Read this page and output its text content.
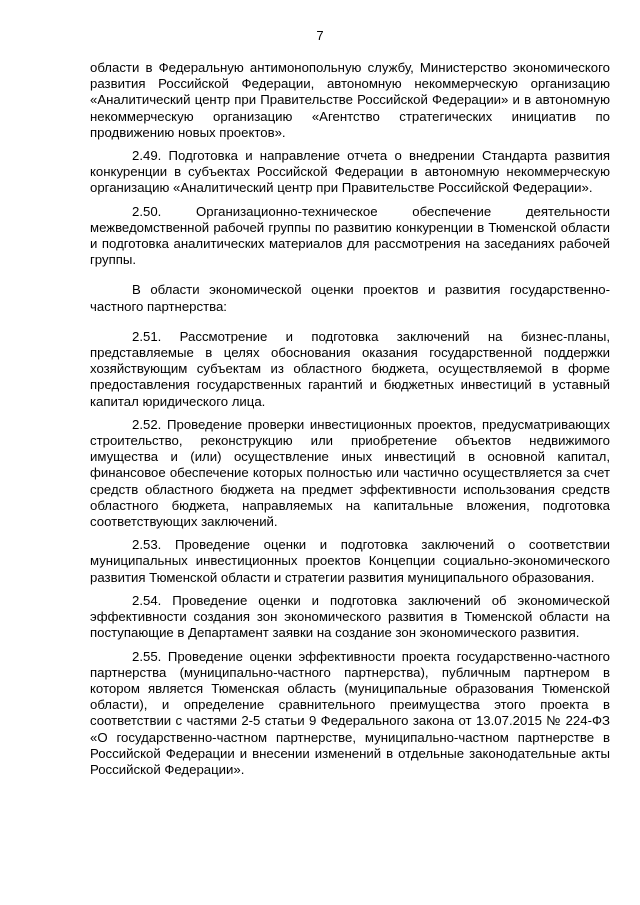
7

области в Федеральную антимонопольную службу, Министерство экономического развития Российской Федерации, автономную некоммерческую организацию «Аналитический центр при Правительстве Российской Федерации» и в автономную некоммерческую организацию «Агентство стратегических инициатив по продвижению новых проектов».

2.49. Подготовка и направление отчета о внедрении Стандарта развития конкуренции в субъектах Российской Федерации в автономную некоммерческую организацию «Аналитический центр при Правительстве Российской Федерации».

2.50. Организационно-техническое обеспечение деятельности межведомственной рабочей группы по развитию конкуренции в Тюменской области и подготовка аналитических материалов для рассмотрения на заседаниях рабочей группы.

В области экономической оценки проектов и развития государственно-частного партнерства:

2.51. Рассмотрение и подготовка заключений на бизнес-планы, представляемые в целях обоснования оказания государственной поддержки хозяйствующим субъектам из областного бюджета, осуществляемой в форме предоставления государственных гарантий и бюджетных инвестиций в уставный капитал юридического лица.

2.52. Проведение проверки инвестиционных проектов, предусматривающих строительство, реконструкцию или приобретение объектов недвижимого имущества и (или) осуществление иных инвестиций в основной капитал, финансовое обеспечение которых полностью или частично осуществляется за счет средств областного бюджета на предмет эффективности использования средств областного бюджета, направляемых на капитальные вложения, подготовка соответствующих заключений.

2.53. Проведение оценки и подготовка заключений о соответствии муниципальных инвестиционных проектов Концепции социально-экономического развития Тюменской области и стратегии развития муниципального образования.

2.54. Проведение оценки и подготовка заключений об экономической эффективности создания зон экономического развития в Тюменской области на поступающие в Департамент заявки на создание зон экономического развития.

2.55. Проведение оценки эффективности проекта государственно-частного партнерства (муниципально-частного партнерства), публичным партнером в котором является Тюменская область (муниципальные образования Тюменской области), и определение сравнительного преимущества этого проекта в соответствии с частями 2-5 статьи 9 Федерального закона от 13.07.2015 № 224-ФЗ «О государственно-частном партнерстве, муниципально-частном партнерстве в Российской Федерации и внесении изменений в отдельные законодательные акты Российской Федерации».
